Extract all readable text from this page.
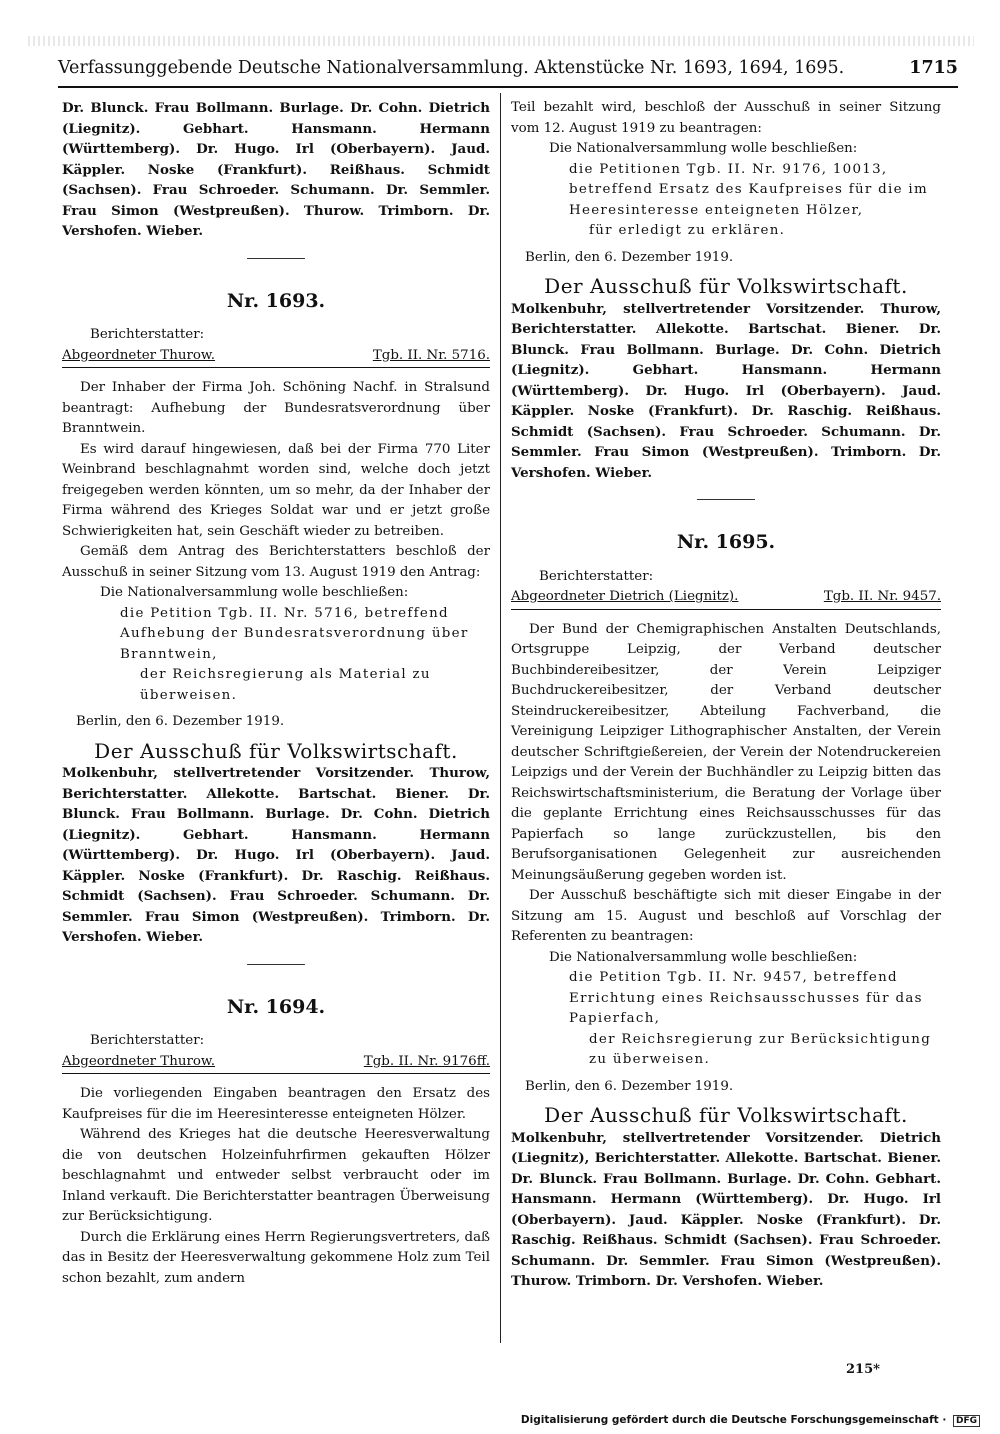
Verfassunggebende Deutsche Nationalversammlung. Aktenstücke Nr. 1693, 1694, 1695.	1715

Dr. Blunck. Frau Bollmann. Burlage. Dr. Cohn. Dietrich (Liegnitz). Gebhart. Hansmann. Hermann (Württemberg). Dr. Hugo. Irl (Oberbayern). Jaud. Käppler. Noske (Frankfurt). Reißhaus. Schmidt (Sachsen). Frau Schroeder. Schumann. Dr. Semmler. Frau Simon (Westpreußen). Thurow. Trimborn. Dr. Vershofen. Wieber.

Nr. 1693.
Berichterstatter:
Abgeordneter Thurow.	Tgb. II. Nr. 5716.

Der Inhaber der Firma Joh. Schöning Nachf. in Stralsund beantragt: Aufhebung der Bundesratsverordnung über Branntwein.

Es wird darauf hingewiesen, daß bei der Firma 770 Liter Weinbrand beschlagnahmt worden sind, welche doch jetzt freigegeben werden könnten, um so mehr, da der Inhaber der Firma während des Krieges Soldat war und er jetzt große Schwierigkeiten hat, sein Geschäft wieder zu betreiben.

Gemäß dem Antrag des Berichterstatters beschloß der Ausschuß in seiner Sitzung vom 13. August 1919 den Antrag:

Die Nationalversammlung wolle beschließen:
die Petition Tgb. II. Nr. 5716, betreffend Aufhebung der Bundesratsverordnung über Branntwein,
der Reichsregierung als Material zu überweisen.
Berlin, den 6. Dezember 1919.
Der Ausschuß für Volkswirtschaft.

Molkenbuhr, stellvertretender Vorsitzender. Thurow, Berichterstatter. Allekotte. Bartschat. Biener. Dr. Blunck. Frau Bollmann. Burlage. Dr. Cohn. Dietrich (Liegnitz). Gebhart. Hansmann. Hermann (Württemberg). Dr. Hugo. Irl (Oberbayern). Jaud. Käppler. Noske (Frankfurt). Dr. Raschig. Reißhaus. Schmidt (Sachsen). Frau Schroeder. Schumann. Dr. Semmler. Frau Simon (Westpreußen). Trimborn. Dr. Vershofen. Wieber.

Nr. 1694.
Berichterstatter:
Abgeordneter Thurow.	Tgb. II. Nr. 9176ff.

Die vorliegenden Eingaben beantragen den Ersatz des Kaufpreises für die im Heeresinteresse enteigneten Hölzer.

Während des Krieges hat die deutsche Heeresverwaltung die von deutschen Holzeinfuhrfirmen gekauften Hölzer beschlagnahmt und entweder selbst verbraucht oder im Inland verkauft. Die Berichterstatter beantragen Überweisung zur Berücksichtigung.

Durch die Erklärung eines Herrn Regierungsvertreters, daß das in Besitz der Heeresverwaltung gekommene Holz zum Teil schon bezahlt, zum andern

Teil bezahlt wird, beschloß der Ausschuß in seiner Sitzung vom 12. August 1919 zu beantragen:

Die Nationalversammlung wolle beschließen:
die Petitionen Tgb. II. Nr. 9176, 10013, betreffend Ersatz des Kaufpreises für die im Heeresinteresse enteigneten Hölzer,
für erledigt zu erklären.
Berlin, den 6. Dezember 1919.
Der Ausschuß für Volkswirtschaft.

Molkenbuhr, stellvertretender Vorsitzender. Thurow, Berichterstatter. Allekotte. Bartschat. Biener. Dr. Blunck. Frau Bollmann. Burlage. Dr. Cohn. Dietrich (Liegnitz). Gebhart. Hansmann. Hermann (Württemberg). Dr. Hugo. Irl (Oberbayern). Jaud. Käppler. Noske (Frankfurt). Dr. Raschig. Reißhaus. Schmidt (Sachsen). Frau Schroeder. Schumann. Dr. Semmler. Frau Simon (Westpreußen). Trimborn. Dr. Vershofen. Wieber.

Nr. 1695.
Berichterstatter:
Abgeordneter Dietrich (Liegnitz).	Tgb. II. Nr. 9457.

Der Bund der Chemigraphischen Anstalten Deutschlands, Ortsgruppe Leipzig, der Verband deutscher Buchbindereibesitzer, der Verein Leipziger Buchdruckereibesitzer, der Verband deutscher Steindruckereibesitzer, Abteilung Fachverband, die Vereinigung Leipziger Lithographischer Anstalten, der Verein deutscher Schriftgießereien, der Verein der Notendruckereien Leipzigs und der Verein der Buchhändler zu Leipzig bitten das Reichswirtschaftsministerium, die Beratung der Vorlage über die geplante Errichtung eines Reichsausschusses für das Papierfach so lange zurückzustellen, bis den Berufsorganisationen Gelegenheit zur ausreichenden Meinungsäußerung gegeben worden ist.

Der Ausschuß beschäftigte sich mit dieser Eingabe in der Sitzung am 15. August und beschloß auf Vorschlag der Referenten zu beantragen:

Die Nationalversammlung wolle beschließen:
die Petition Tgb. II. Nr. 9457, betreffend Errichtung eines Reichsausschusses für das Papierfach,
der Reichsregierung zur Berücksichtigung zu überweisen.
Berlin, den 6. Dezember 1919.
Der Ausschuß für Volkswirtschaft.

Molkenbuhr, stellvertretender Vorsitzender. Dietrich (Liegnitz), Berichterstatter. Allekotte. Bartschat. Biener. Dr. Blunck. Frau Bollmann. Burlage. Dr. Cohn. Gebhart. Hansmann. Hermann (Württemberg). Dr. Hugo. Irl (Oberbayern). Jaud. Käppler. Noske (Frankfurt). Dr. Raschig. Reißhaus. Schmidt (Sachsen). Frau Schroeder. Schumann. Dr. Semmler. Frau Simon (Westpreußen). Thurow. Trimborn. Dr. Vershofen. Wieber.

215*
Digitalisierung gefördert durch die Deutsche Forschungsgemeinschaft · DFG
